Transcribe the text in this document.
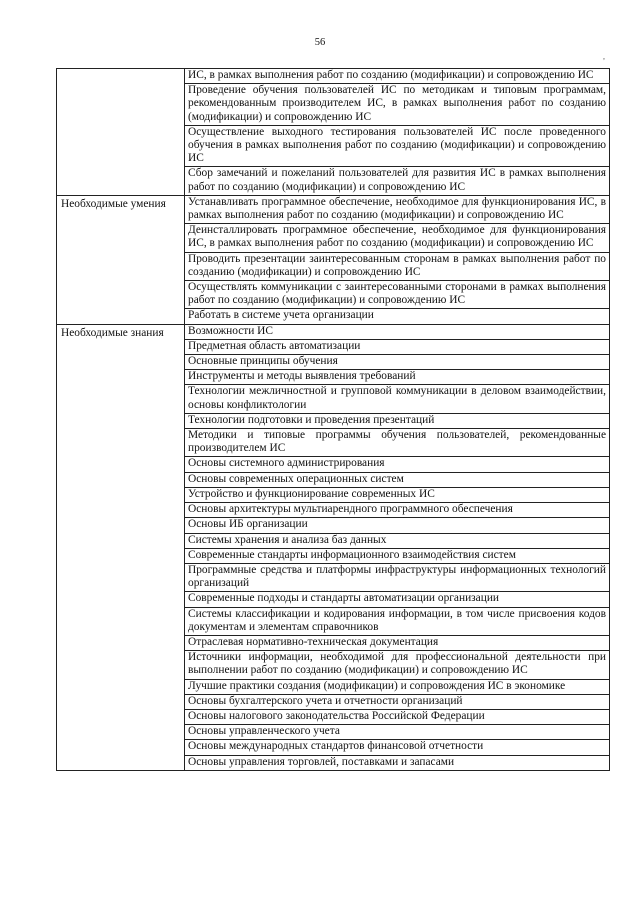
56
,
	ИС, в рамках выполнения работ по созданию (модификации) и сопровождению ИС
	Проведение обучения пользователей ИС по методикам и типовым программам, рекомендованным производителем ИС, в рамках выполнения работ по созданию (модификации) и сопровождению ИС
	Осуществление выходного тестирования пользователей ИС после проведенного обучения в рамках выполнения работ по созданию (модификации) и сопровождению ИС
	Сбор замечаний и пожеланий пользователей для развития ИС в рамках выполнения работ по созданию (модификации) и сопровождению ИС
Необходимые умения	Устанавливать программное обеспечение, необходимое для функционирования ИС, в рамках выполнения работ по созданию (модификации) и сопровождению ИС
	Деинсталлировать программное обеспечение, необходимое для функционирования ИС, в рамках выполнения работ по созданию (модификации) и сопровождению ИС
	Проводить презентации заинтересованным сторонам в рамках выполнения работ по созданию (модификации) и сопровождению ИС
	Осуществлять коммуникации с заинтересованными сторонами в рамках выполнения работ по созданию (модификации) и сопровождению ИС
	Работать в системе учета организации
Необходимые знания	Возможности ИС
	Предметная область автоматизации
	Основные принципы обучения
	Инструменты и методы выявления требований
	Технологии межличностной и групповой коммуникации в деловом взаимодействии, основы конфликтологии
	Технологии подготовки и проведения презентаций
	Методики и типовые программы обучения пользователей, рекомендованные производителем ИС
	Основы системного администрирования
	Основы современных операционных систем
	Устройство и функционирование современных ИС
	Основы архитектуры мультиарендного программного обеспечения
	Основы ИБ организации
	Системы хранения и анализа баз данных
	Современные стандарты информационного взаимодействия систем
	Программные средства и платформы инфраструктуры информационных технологий организаций
	Современные подходы и стандарты автоматизации организации
	Системы классификации и кодирования информации, в том числе присвоения кодов документам и элементам справочников
	Отраслевая нормативно-техническая документация
	Источники информации, необходимой для профессиональной деятельности при выполнении работ по созданию (модификации) и сопровождению ИС
	Лучшие практики создания (модификации) и сопровождения ИС в экономике
	Основы бухгалтерского учета и отчетности организаций
	Основы налогового законодательства Российской Федерации
	Основы управленческого учета
	Основы международных стандартов финансовой отчетности
	Основы управления торговлей, поставками и запасами
